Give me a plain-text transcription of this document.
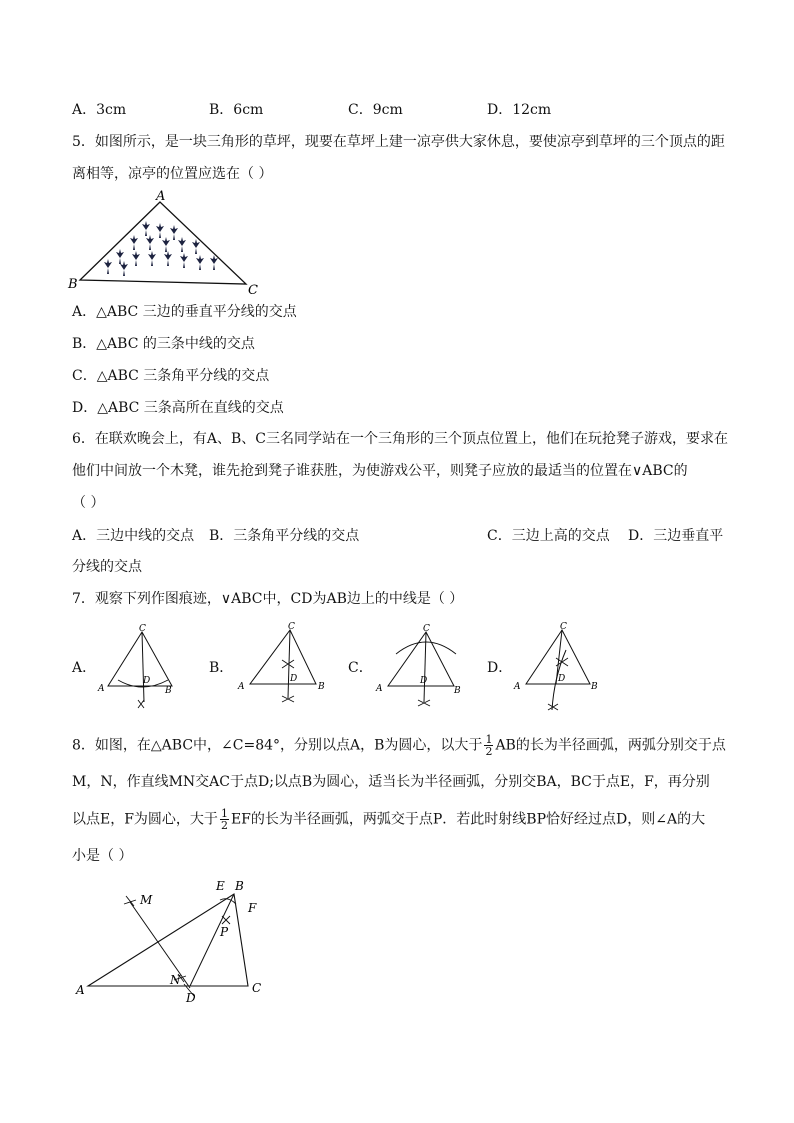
A．3cm	B．6cm	C．9cm	D．12cm
5．如图所示，是一块三角形的草坪，现要在草坪上建一凉亭供大家休息，要使凉亭到草坪的三个顶点的距
离相等，凉亭的位置应选在（ ）
A
B	C
A．△ABC 三边的垂直平分线的交点
B．△ABC 的三条中线的交点
C．△ABC 三条角平分线的交点
D．△ABC 三条高所在直线的交点
6．在联欢晚会上，有A、B、C三名同学站在一个三角形的三个顶点位置上，他们在玩抢凳子游戏，要求在
他们中间放一个木凳，谁先抢到凳子谁获胜，为使游戏公平，则凳子应放的最适当的位置在∨ABC的
（ ）
A．三边中线的交点 B．三条角平分线的交点	C．三边上高的交点 D．三边垂直平
分线的交点
7．观察下列作图痕迹，∨ABC中，CD为AB边上的中线是（ ）
A．	B．	C．	D．
C
A	B
D
C
A	B
D
C
A	B
D
C
A	B
D
8．如图，在△ABC中，∠C=84°，分别以点A，B为圆心，以大于 $\frac{1}{2}$ AB的长为半径画弧，两弧分别交于点
M，N，作直线MN交AC于点D;以点B为圆心，适当长为半径画弧，分别交BA，BC于点E，F，再分别
以点E，F为圆心，大于 $\frac{1}{2}$ EF的长为半径画弧，两弧交于点P．若此时射线BP恰好经过点D，则∠A的大
小是（ ）
A
B
C
D
E
F
M
N
P
